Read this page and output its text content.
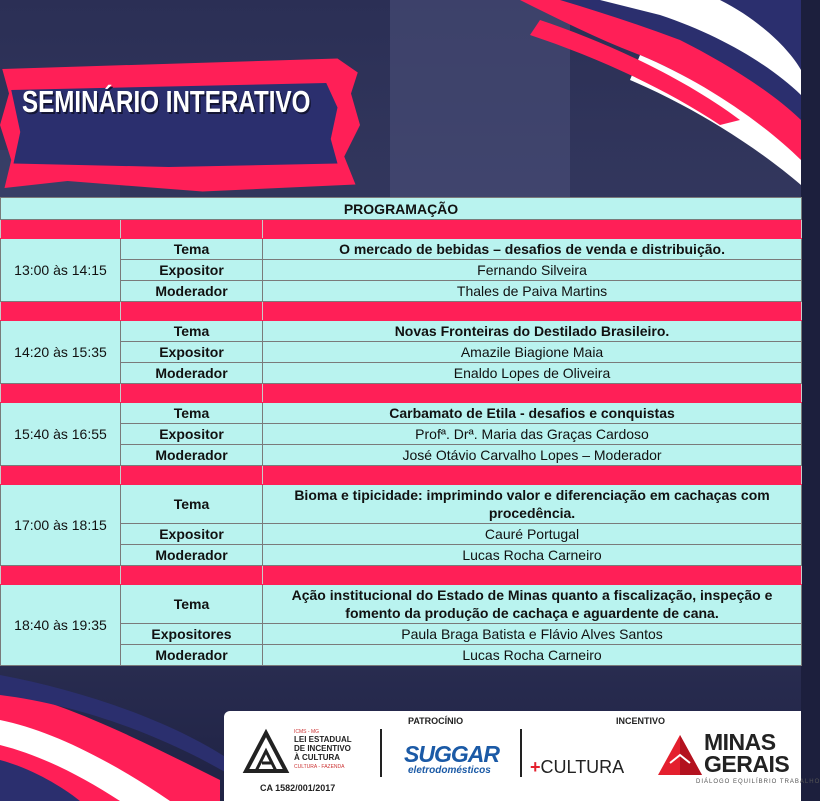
SEMINÁRIO INTERATIVO
PROGRAMAÇÃO		

13:00 às 14:15	Tema	O mercado de bebidas – desafios de venda e distribuição.
	Expositor	Fernando Silveira
	Moderador	Thales de Paiva Martins

14:20 às 15:35	Tema	Novas Fronteiras do Destilado Brasileiro.
	Expositor	Amazile Biagione Maia
	Moderador	Enaldo Lopes de Oliveira

15:40 às 16:55	Tema	Carbamato de Etila - desafios e conquistas
	Expositor	Profª. Drª. Maria das Graças Cardoso
	Moderador	José Otávio Carvalho Lopes – Moderador

17:00 às 18:15	Tema	Bioma e tipicidade: imprimindo valor e diferenciação em cachaças com procedência.
	Expositor	Cauré Portugal
	Moderador	Lucas Rocha Carneiro

18:40 às 19:35	Tema	Ação institucional do Estado de Minas quanto a fiscalização, inspeção e fomento da produção de cachaça e aguardente de cana.
	Expositores	Paula Braga Batista e Flávio Alves Santos
	Moderador	Lucas Rocha Carneiro
ICMS - MG
LEI ESTADUAL
DE INCENTIVO
À CULTURA
CULTURA - FAZENDA
CA 1582/001/2017
PATROCÍNIO
SUGGAR
eletrodomésticos
INCENTIVO
+CULTURA
MINAS
GERAIS
DIÁLOGO EQUILÍBRIO TRABALHO
